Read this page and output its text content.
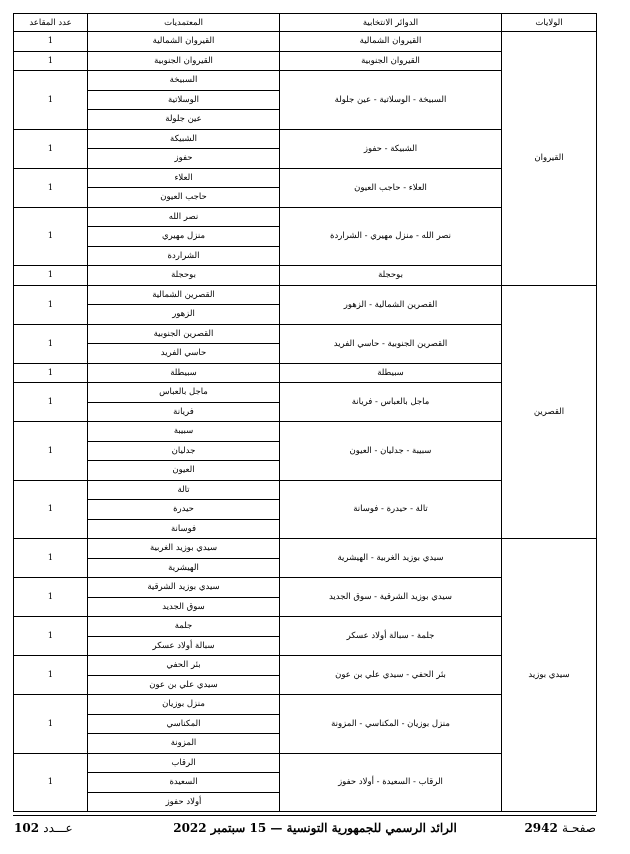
الولايات	الدوائر الانتخابية	المعتمديات	عدد المقاعد
القيروان	القيروان الشمالية	القيروان الشمالية	1
	القيروان الجنوبية	القيروان الجنوبية	1
	السبيخة - الوسلاتية - عين جلولة	السبيخة	1
		الوسلاتية	
		عين جلولة	
	الشبيكة - حفوز	الشبيكة	1
		حفوز	
	العلاء - حاجب العيون	العلاء	1
		حاجب العيون	
	نصر الله - منزل مهيري - الشراردة	نصر الله	1
		منزل مهيري	
		الشراردة	
	بوحجلة	بوحجلة	1
القصرين	القصرين الشمالية - الزهور	القصرين الشمالية	1
		الزهور	
	القصرين الجنوبية - حاسي الفريد	القصرين الجنوبية	1
		حاسي الفريد	
	سبيطلة	سبيطلة	1
	ماجل بالعباس - فريانة	ماجل بالعباس	1
		فريانة	
	سبيبة - جدليان - العيون	سبيبة	1
		جدليان	
		العيون	
	تالة - حيدرة - فوسانة	تالة	1
		حيدرة	
		فوسانة	
سيدي بوزيد	سيدي بوزيد الغربية - الهيشرية	سيدي بوزيد الغربية	1
		الهيشرية	
	سيدي بوزيد الشرقية - سوق الجديد	سيدي بوزيد الشرقية	1
		سوق الجديد	
	جلمة - سبالة أولاد عسكر	جلمة	1
		سبالة أولاد عسكر	
	بئر الحفي - سيدي علي بن عون	بئر الحفي	1
		سيدي علي بن عون	
	منزل بوزيان - المكناسي - المزونة	منزل بوزيان	1
		المكناسي	
		المزونة	
	الرقاب - السعيدة - أولاد حفوز	الرقاب	1
		السعيدة	
		أولاد حفوز	
صفحـة 2942
الرائد الرسمي للجمهورية التونسية — 15 سبتمبر 2022
عـــدد 102
